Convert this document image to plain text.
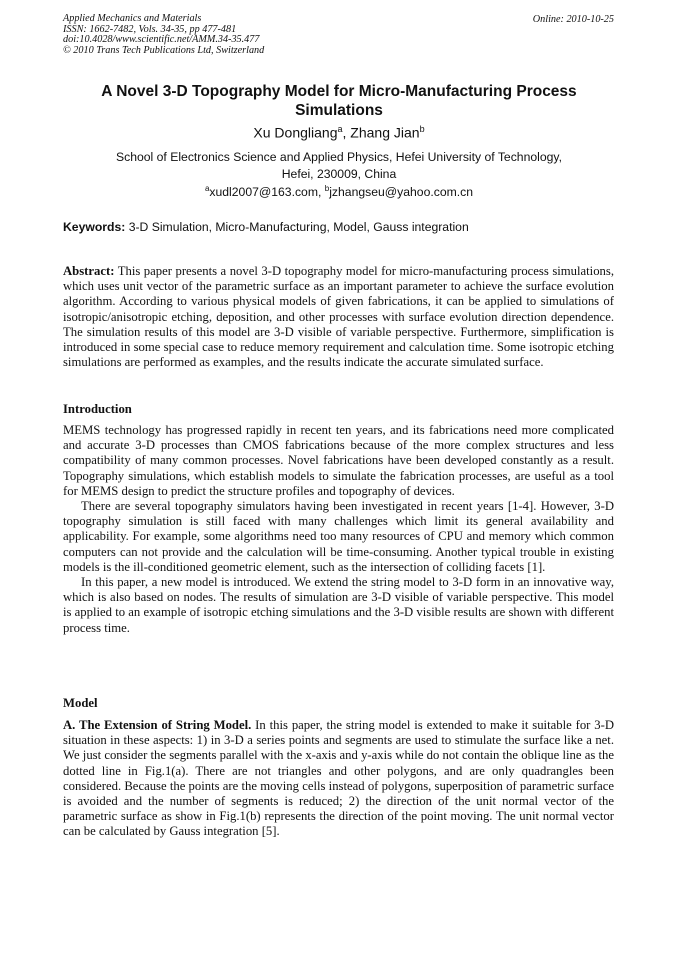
Applied Mechanics and Materials
ISSN: 1662-7482, Vols. 34-35, pp 477-481
doi:10.4028/www.scientific.net/AMM.34-35.477
© 2010 Trans Tech Publications Ltd, Switzerland
Online: 2010-10-25
A Novel 3-D Topography Model for Micro-Manufacturing Process
Simulations
Xu Dongliang$^a$, Zhang Jian$^b$
School of Electronics Science and Applied Physics, Hefei University of Technology,
Hefei, 230009, China
$^a$xudl2007@163.com, $^b$jzhangseu@yahoo.com.cn
Keywords: 3-D Simulation, Micro-Manufacturing, Model, Gauss integration
Abstract: This paper presents a novel 3-D topography model for micro-manufacturing process simulations, which uses unit vector of the parametric surface as an important parameter to achieve the surface evolution algorithm. According to various physical models of given fabrications, it can be applied to simulations of isotropic/anisotropic etching, deposition, and other processes with surface evolution direction dependence. The simulation results of this model are 3-D visible of variable perspective. Furthermore, simplification is introduced in some special case to reduce memory requirement and calculation time. Some isotropic etching simulations are performed as examples, and the results indicate the accurate simulated surface.
Introduction

MEMS technology has progressed rapidly in recent ten years, and its fabrications need more complicated and accurate 3-D processes than CMOS fabrications because of the more complex structures and less compatibility of many common processes. Novel fabrications have been developed constantly as a result. Topography simulations, which establish models to simulate the fabrication processes, are useful as a tool for MEMS design to predict the structure profiles and topography of devices.

There are several topography simulators having been investigated in recent years [1-4]. However, 3-D topography simulation is still faced with many challenges which limit its general availability and applicability. For example, some algorithms need too many resources of CPU and memory which common computers can not provide and the calculation will be time-consuming. Another typical trouble in existing models is the ill-conditioned geometric element, such as the intersection of colliding facets [1].

In this paper, a new model is introduced. We extend the string model to 3-D form in an innovative way, which is also based on nodes. The results of simulation are 3-D visible of variable perspective. This model is applied to an example of isotropic etching simulations and the 3-D visible results are shown with different process time.

Model

A. The Extension of String Model. In this paper, the string model is extended to make it suitable for 3-D situation in these aspects: 1) in 3-D a series points and segments are used to stimulate the surface like a net. We just consider the segments parallel with the x-axis and y-axis while do not contain the oblique line as the dotted line in Fig.1(a). There are not triangles and other polygons, and are only quadrangles been considered. Because the points are the moving cells instead of polygons, superposition of parametric surface is avoided and the number of segments is reduced; 2) the direction of the unit normal vector of the parametric surface as show in Fig.1(b) represents the direction of the point moving. The unit normal vector can be calculated by Gauss integration [5].
